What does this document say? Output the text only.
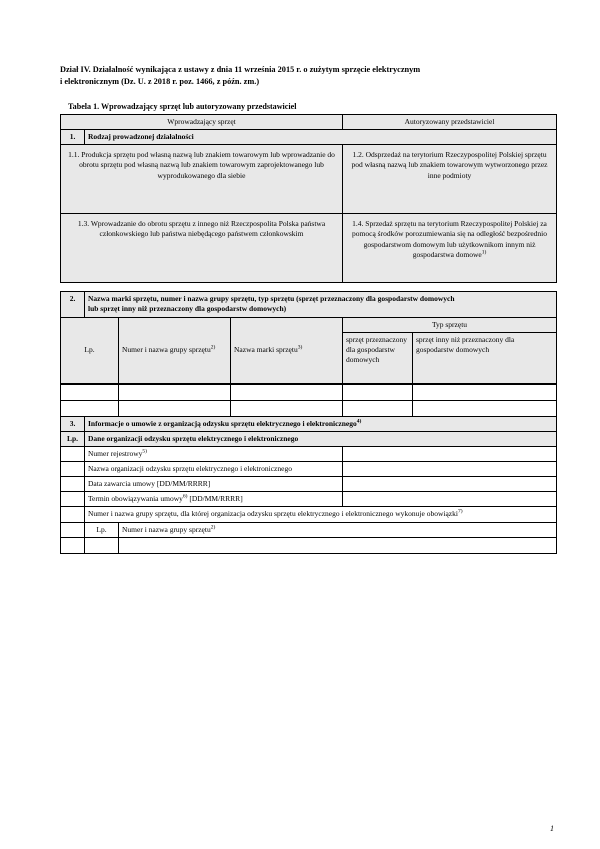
Dział IV. Działalność wynikająca z ustawy z dnia 11 września 2015 r. o zużytym sprzęcie elektrycznym
i elektronicznym (Dz. U. z 2018 r. poz. 1466, z późn. zm.)
Tabela 1. Wprowadzający sprzęt lub autoryzowany przedstawiciel
Wprowadzający sprzęt		Autoryzowany przedstawiciel
1.	Rodzaj prowadzonej działalności	
1.1. Produkcja sprzętu pod własną nazwą lub znakiem towarowym lub wprowadzanie do obrotu sprzętu pod własną nazwą lub znakiem towarowym zaprojektowanego lub wyprodukowanego dla siebie		1.2. Odsprzedaż na terytorium Rzeczypospolitej Polskiej sprzętu pod własną nazwą lub znakiem towarowym wytworzonego przez inne podmioty
1.3. Wprowadzanie do obrotu sprzętu z innego niż Rzeczpospolita Polska państwa członkowskiego lub państwa niebędącego państwem członkowskim		1.4. Sprzedaż sprzętu na terytorium Rzeczypospolitej Polskiej za pomocą środków porozumiewania się na odległość bezpośrednio gospodarstwom domowym lub użytkownikom innym niż gospodarstwa domowe$^{1)}$
2.	Nazwa marki sprzętu, numer i nazwa grupy sprzętu, typ sprzętu (sprzęt przeznaczony dla gospodarstw domowych
lub sprzęt inny niż przeznaczony dla gospodarstw domowych)				
Lp.		Numer i nazwa grupy sprzętu$^{2)}$	Nazwa marki sprzętu$^{3)}$	Typ sprzętu	
				sprzęt przeznaczony dla gospodarstw domowych	sprzęt inny niż przeznaczony dla gospodarstw domowych

3.	Informacje o umowie z organizacją odzysku sprzętu elektrycznego i elektronicznego$^{4)}$
Lp.	Dane organizacji odzysku sprzętu elektrycznego i elektronicznego				
	Numer rejestrowy$^{5)}$	
	Nazwa organizacji odzysku sprzętu elektrycznego i elektronicznego				
	Data zawarcia umowy [DD/MM/RRRR]				
	Termin obowiązywania umowy$^{6)}$ [DD/MM/RRRR]				
	Numer i nazwa grupy sprzętu, dla której organizacja odzysku sprzętu elektrycznego i elektronicznego wykonuje obowiązki$^{7)}$
	Lp.	Numer i nazwa grupy sprzętu$^{2)}$

1
